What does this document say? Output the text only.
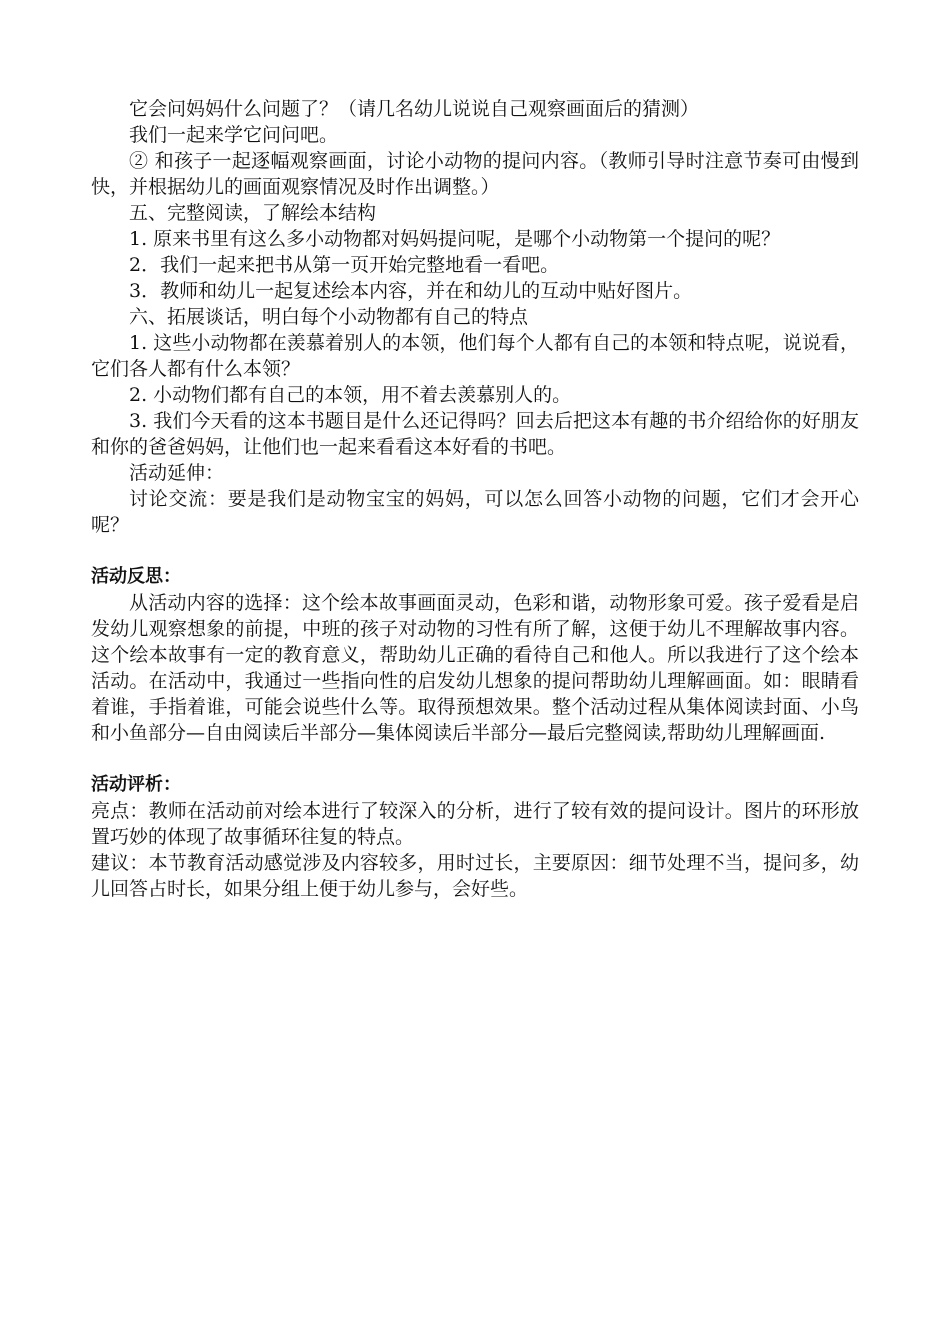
它会问妈妈什么问题了？（请几名幼儿说说自己观察画面后的猜测）

我们一起来学它问问吧。

② 和孩子一起逐幅观察画面，讨论小动物的提问内容。（教师引导时注意节奏可由慢到快，并根据幼儿的画面观察情况及时作出调整。）

五、完整阅读，了解绘本结构

1. 原来书里有这么多小动物都对妈妈提问呢，是哪个小动物第一个提问的呢？

2．我们一起来把书从第一页开始完整地看一看吧。

3．教师和幼儿一起复述绘本内容，并在和幼儿的互动中贴好图片。

六、拓展谈话，明白每个小动物都有自己的特点

1. 这些小动物都在羡慕着别人的本领，他们每个人都有自己的本领和特点呢，说说看，它们各人都有什么本领？

2. 小动物们都有自己的本领，用不着去羡慕别人的。

3. 我们今天看的这本书题目是什么还记得吗？回去后把这本有趣的书介绍给你的好朋友和你的爸爸妈妈，让他们也一起来看看这本好看的书吧。

活动延伸：

讨论交流：要是我们是动物宝宝的妈妈，可以怎么回答小动物的问题，它们才会开心呢？

活动反思：

从活动内容的选择：这个绘本故事画面灵动，色彩和谐，动物形象可爱。孩子爱看是启发幼儿观察想象的前提，中班的孩子对动物的习性有所了解，这便于幼儿不理解故事内容。这个绘本故事有一定的教育意义，帮助幼儿正确的看待自己和他人。所以我进行了这个绘本活动。在活动中，我通过一些指向性的启发幼儿想象的提问帮助幼儿理解画面。如：眼睛看着谁，手指着谁，可能会说些什么等。取得预想效果。整个活动过程从集体阅读封面、小鸟和小鱼部分—自由阅读后半部分—集体阅读后半部分—最后完整阅读,帮助幼儿理解画面.

活动评析：

亮点：教师在活动前对绘本进行了较深入的分析，进行了较有效的提问设计。图片的环形放置巧妙的体现了故事循环往复的特点。

建议：本节教育活动感觉涉及内容较多，用时过长，主要原因：细节处理不当，提问多，幼儿回答占时长，如果分组上便于幼儿参与，会好些。
